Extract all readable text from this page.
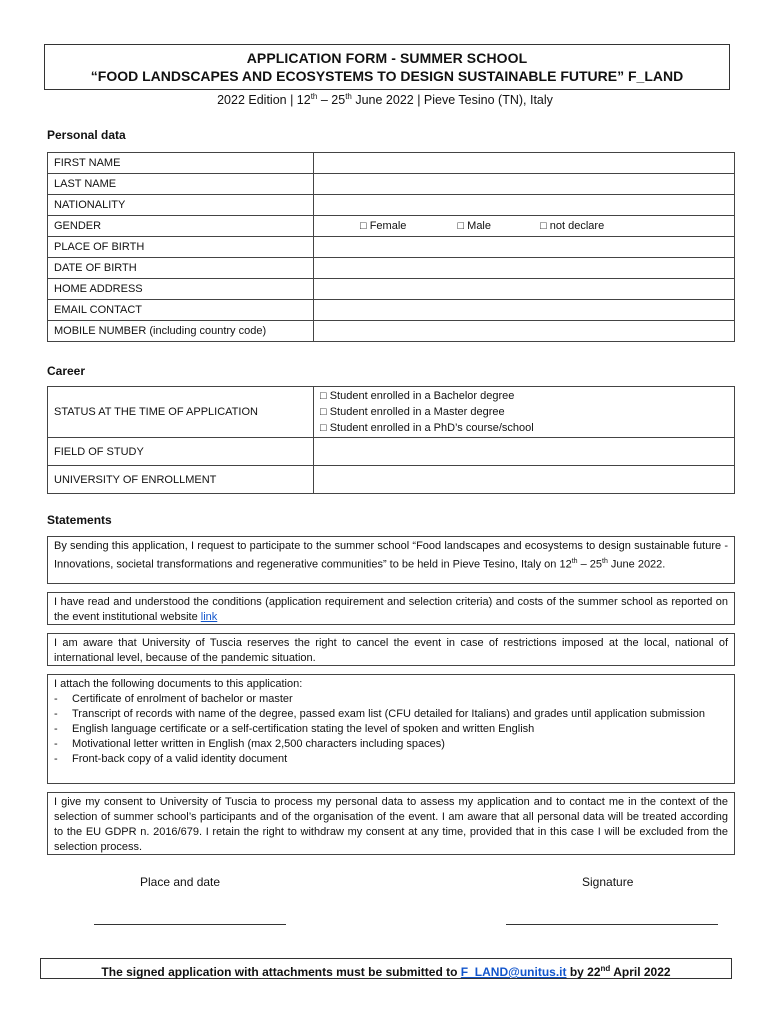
APPLICATION FORM - SUMMER SCHOOL
“FOOD LANDSCAPES AND ECOSYSTEMS TO DESIGN SUSTAINABLE FUTURE” F_LAND
2022 Edition | 12th – 25th June 2022 | Pieve Tesino (TN), Italy
Personal data
FIRST NAME	
LAST NAME	
NATIONALITY	
GENDER	□ Female □ Male □ not declare
PLACE OF BIRTH	
DATE OF BIRTH	
HOME ADDRESS	
EMAIL CONTACT	
MOBILE NUMBER (including country code)	
Career
STATUS AT THE TIME OF APPLICATION	□ Student enrolled in a Bachelor degree
□ Student enrolled in a Master degree
□ Student enrolled in a PhD’s course/school

FIELD OF STUDY	
UNIVERSITY OF ENROLLMENT	
Statements
By sending this application, I request to participate to the summer school “Food landscapes and ecosystems to design sustainable future - Innovations, societal transformations and regenerative communities” to be held in Pieve Tesino, Italy on 12th – 25th June 2022.
I have read and understood the conditions (application requirement and selection criteria) and costs of the summer school as reported on the event institutional website link
I am aware that University of Tuscia reserves the right to cancel the event in case of restrictions imposed at the local, national of international level, because of the pandemic situation.
I attach the following documents to this application:
- Certificate of enrolment of bachelor or master
- Transcript of records with name of the degree, passed exam list (CFU detailed for Italians) and grades until application submission
- English language certificate or a self-certification stating the level of spoken and written English
- Motivational letter written in English (max 2,500 characters including spaces)
- Front-back copy of a valid identity document
I give my consent to University of Tuscia to process my personal data to assess my application and to contact me in the context of the selection of summer school’s participants and of the organisation of the event. I am aware that all personal data will be treated according to the EU GDPR n. 2016/679. I retain the right to withdraw my consent at any time, provided that in this case I will be excluded from the selection process.
Place and date	Signature
The signed application with attachments must be submitted to F_LAND@unitus.it by 22nd April 2022
